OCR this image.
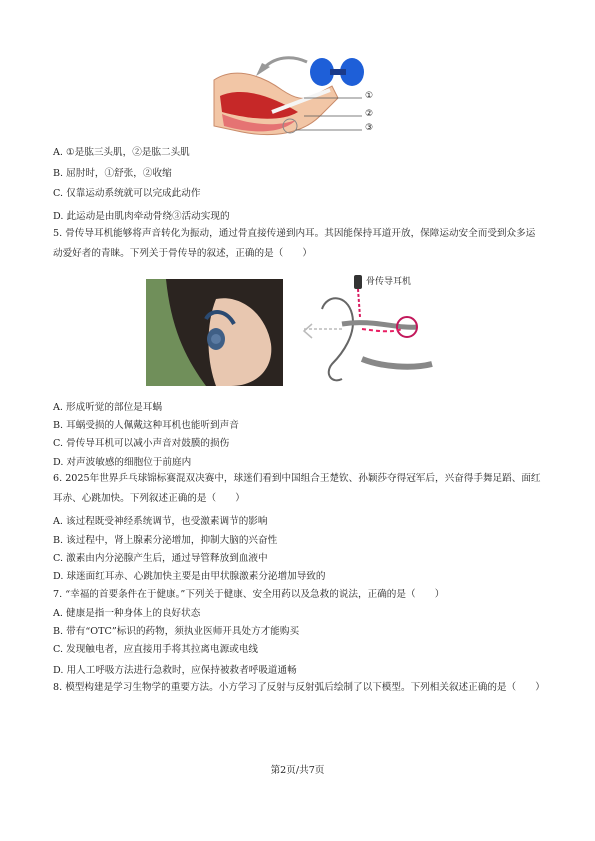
①
②
③
A. ①是肱三头肌，②是肱二头肌
B. 屈肘时，①舒张，②收缩
C. 仅靠运动系统就可以完成此动作
D. 此运动是由肌肉牵动骨绕③活动实现的
5. 骨传导耳机能够将声音转化为振动，通过骨直接传递到内耳。其因能保持耳道开放，保障运动安全而受到众多运动爱好者的青睐。下列关于骨传导的叙述，正确的是（　　）
骨传导耳机
A. 形成听觉的部位是耳蜗
B. 耳蜗受损的人佩戴这种耳机也能听到声音
C. 骨传导耳机可以减小声音对鼓膜的损伤
D. 对声波敏感的细胞位于前庭内
6. 2025年世界乒乓球锦标赛混双决赛中，球迷们看到中国组合王楚钦、孙颖莎夺得冠军后，兴奋得手舞足蹈、面红耳赤、心跳加快。下列叙述正确的是（　　）
A. 该过程既受神经系统调节，也受激素调节的影响
B. 该过程中，肾上腺素分泌增加，抑制大脑的兴奋性
C. 激素由内分泌腺产生后，通过导管释放到血液中
D. 球迷面红耳赤、心跳加快主要是由甲状腺激素分泌增加导致的
7. “幸福的首要条件在于健康。”下列关于健康、安全用药以及急救的说法，正确的是（　　）
A. 健康是指一种身体上的良好状态
B. 带有“OTC”标识的药物，须执业医师开具处方才能购买
C. 发现触电者，应直接用手将其拉离电源或电线
D. 用人工呼吸方法进行急救时，应保持被救者呼吸道通畅
8. 模型构建是学习生物学的重要方法。小方学习了反射与反射弧后绘制了以下模型。下列相关叙述正确的是（　　）
第2页/共7页
